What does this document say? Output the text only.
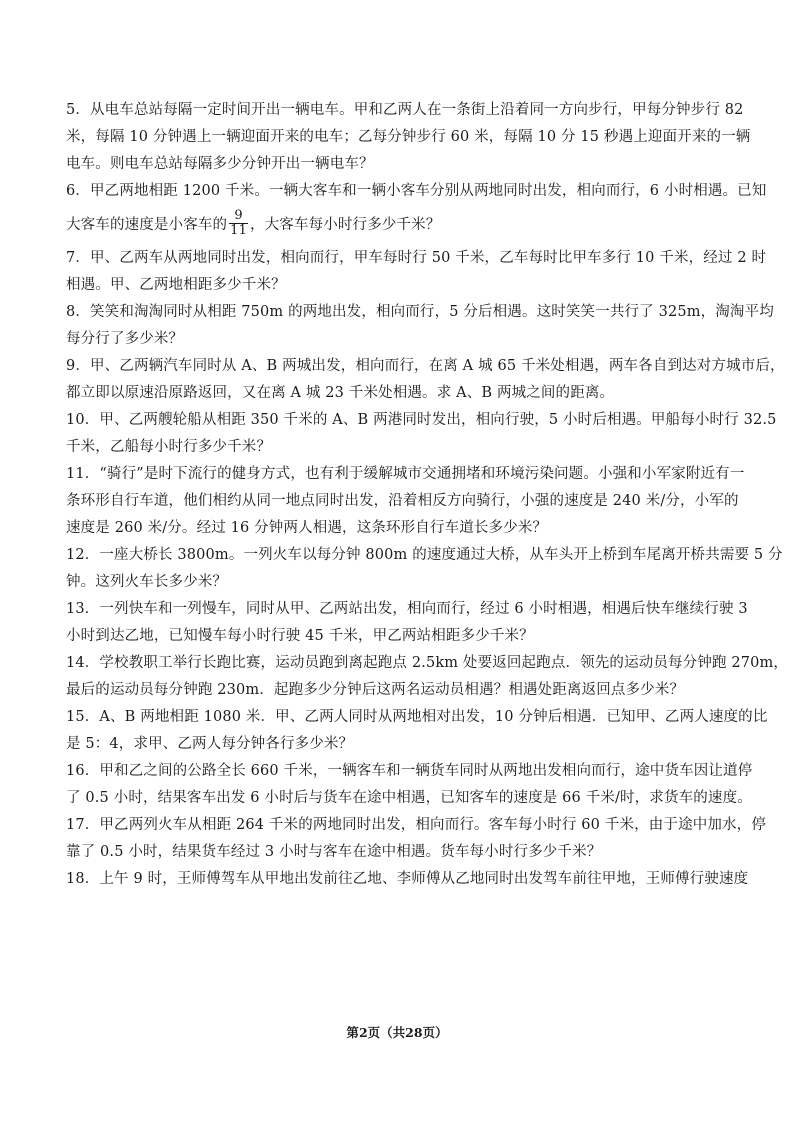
5．从电车总站每隔一定时间开出一辆电车。甲和乙两人在一条街上沿着同一方向步行，甲每分钟步行 82
米，每隔 10 分钟遇上一辆迎面开来的电车；乙每分钟步行 60 米，每隔 10 分 15 秒遇上迎面开来的一辆
电车。则电车总站每隔多少分钟开出一辆电车？
6．甲乙两地相距 1200 千米。一辆大客车和一辆小客车分别从两地同时出发，相向而行，6 小时相遇。已知
大客车的速度是小客车的 $\frac{9}{11}$ ，大客车每小时行多少千米？
7．甲、乙两车从两地同时出发，相向而行，甲车每时行 50 千米，乙车每时比甲车多行 10 千米，经过 2 时
相遇。甲、乙两地相距多少千米？
8．笑笑和淘淘同时从相距 750m 的两地出发，相向而行，5 分后相遇。这时笑笑一共行了 325m，淘淘平均
每分行了多少米？
9．甲、乙两辆汽车同时从 A、B 两城出发，相向而行，在离 A 城 65 千米处相遇，两车各自到达对方城市后，
都立即以原速沿原路返回，又在离 A 城 23 千米处相遇。求 A、B 两城之间的距离。
10．甲、乙两艘轮船从相距 350 千米的 A、B 两港同时发出，相向行驶，5 小时后相遇。甲船每小时行 32.5
千米，乙船每小时行多少千米？
11．“骑行”是时下流行的健身方式，也有利于缓解城市交通拥堵和环境污染问题。小强和小军家附近有一
条环形自行车道，他们相约从同一地点同时出发，沿着相反方向骑行，小强的速度是 240 米/分，小军的
速度是 260 米/分。经过 16 分钟两人相遇，这条环形自行车道长多少米？
12．一座大桥长 3800m。一列火车以每分钟 800m 的速度通过大桥，从车头开上桥到车尾离开桥共需要 5 分
钟。这列火车长多少米？
13．一列快车和一列慢车，同时从甲、乙两站出发，相向而行，经过 6 小时相遇，相遇后快车继续行驶 3
小时到达乙地，已知慢车每小时行驶 45 千米，甲乙两站相距多少千米？
14．学校教职工举行长跑比赛，运动员跑到离起跑点 2.5km 处要返回起跑点．领先的运动员每分钟跑 270m，
最后的运动员每分钟跑 230m．起跑多少分钟后这两名运动员相遇？相遇处距离返回点多少米？
15．A、B 两地相距 1080 米．甲、乙两人同时从两地相对出发，10 分钟后相遇．已知甲、乙两人速度的比
是 5：4，求甲、乙两人每分钟各行多少米？
16．甲和乙之间的公路全长 660 千米，一辆客车和一辆货车同时从两地出发相向而行，途中货车因让道停
了 0.5 小时，结果客车出发 6 小时后与货车在途中相遇，已知客车的速度是 66 千米/时，求货车的速度。
17．甲乙两列火车从相距 264 千米的两地同时出发，相向而行。客车每小时行 60 千米，由于途中加水，停
靠了 0.5 小时，结果货车经过 3 小时与客车在途中相遇。货车每小时行多少千米？
18．上午 9 时，王师傅驾车从甲地出发前往乙地、李师傅从乙地同时出发驾车前往甲地，王师傅行驶速度
第2页（共28页）
